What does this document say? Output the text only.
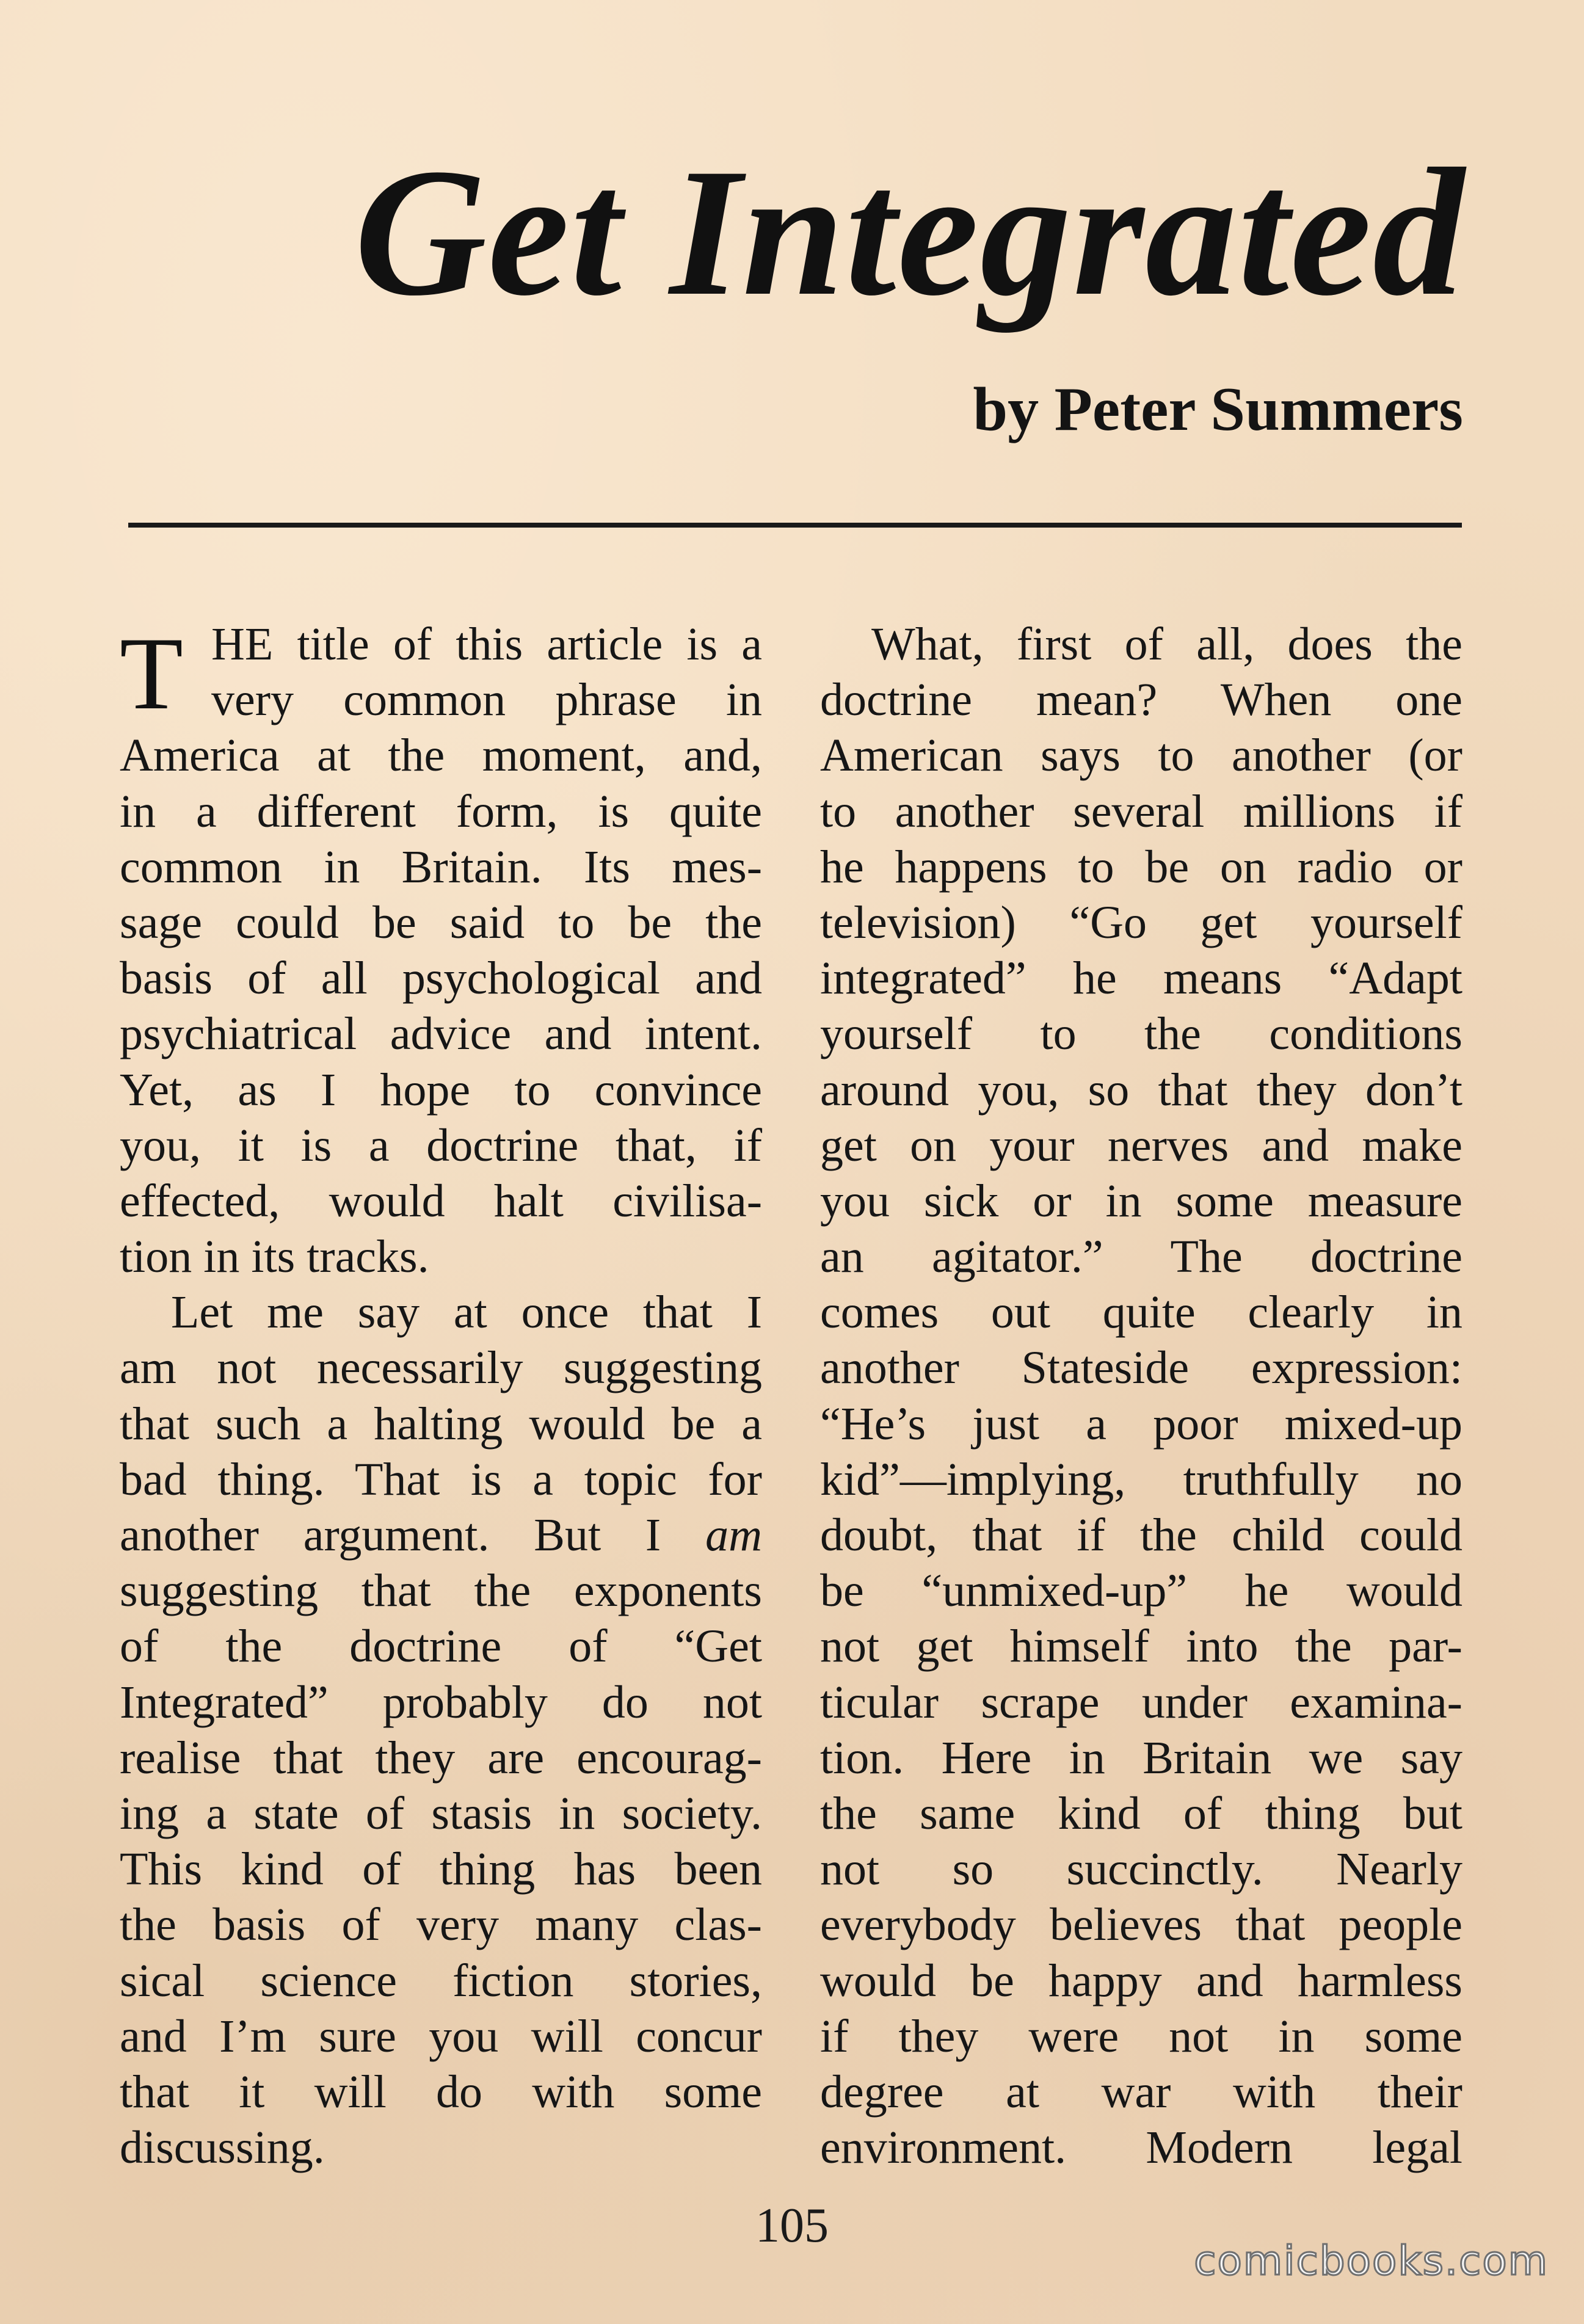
Get Integrated
by Peter Summers
T HE title of this article is a
very common phrase in
America at the moment, and,
in a different form, is quite
common in Britain. Its mes-
sage could be said to be the
basis of all psychological and
psychiatrical advice and intent.
Yet, as I hope to convince
you, it is a doctrine that, if
effected, would halt civilisa-
tion in its tracks.
Let me say at once that I
am not necessarily suggesting
that such a halting would be a
bad thing. That is a topic for
another argument. But I am
suggesting that the exponents
of the doctrine of “Get
Integrated” probably do not
realise that they are encourag-
ing a state of stasis in society.
This kind of thing has been
the basis of very many clas-
sical science fiction stories,
and I’m sure you will concur
that it will do with some
discussing.
What, first of all, does the
doctrine mean? When one
American says to another (or
to another several millions if
he happens to be on radio or
television) “Go get yourself
integrated” he means “Adapt
yourself to the conditions
around you, so that they don’t
get on your nerves and make
you sick or in some measure
an agitator.” The doctrine
comes out quite clearly in
another Stateside expression:
“He’s just a poor mixed-up
kid”—implying, truthfully no
doubt, that if the child could
be “unmixed-up” he would
not get himself into the par-
ticular scrape under examina-
tion. Here in Britain we say
the same kind of thing but
not so succinctly. Nearly
everybody believes that people
would be happy and harmless
if they were not in some
degree at war with their
environment. Modern legal
105
comicbooks.com
